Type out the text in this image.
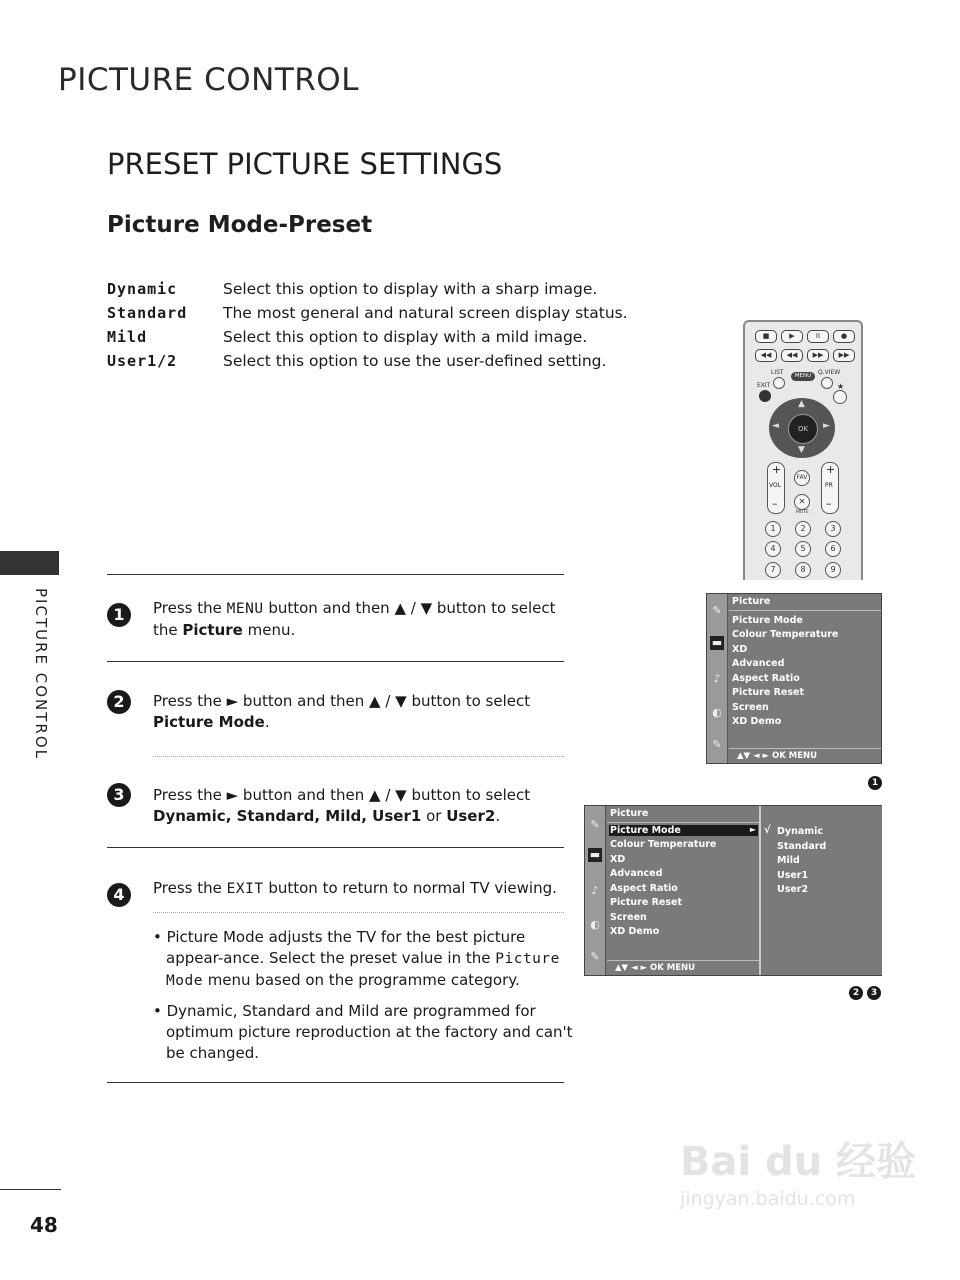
PICTURE CONTROL
PRESET PICTURE SETTINGS
Picture Mode-Preset
Dynamic	Select this option to display with a sharp image.
Standard The most general and natural screen display status.
Mild	Select this option to display with a mild image.
User1/2	Select this option to use the user-defined setting.
■	▶	II	●
◀◀	◀◀	▶▶	▶▶
LIST	Q.VIEW
EXIT
MENU
★
OK
▲
▼
◄	►
+
VOL
–
+
PR
–
FAV
✕
MUTE
1	2	3
4	5	6
7	8	9
1	Press the MENU button and then ▲ / ▼ button to select the Picture menu.
2	Press the ► button and then ▲ / ▼ button to select Picture Mode.
3	Press the ► button and then ▲ / ▼ button to select Dynamic, Standard, Mild, User1 or User2.
4	Press the EXIT button to return to normal TV viewing.
• Picture Mode adjusts the TV for the best picture appear-ance. Select the preset value in the Picture Mode menu based on the programme category.
• Dynamic, Standard and Mild are programmed for optimum picture reproduction at the factory and can't be changed.
✎
▬
♪
◐
✎
Picture
Picture Mode
Colour Temperature
XD
Advanced
Aspect Ratio
Picture Reset
Screen
XD Demo
▲▼ ◄ ► OK MENU
1
✎
▬
♪
◐
✎
Picture
Picture Mode	►
Colour Temperature
XD
Advanced
Aspect Ratio
Picture Reset
Screen
XD Demo
▲▼ ◄ ► OK MENU
√ Dynamic
Standard
Mild
User1
User2
2	3
PICTURE CONTROL
48
Bai du 经验
jingyan.baidu.com
